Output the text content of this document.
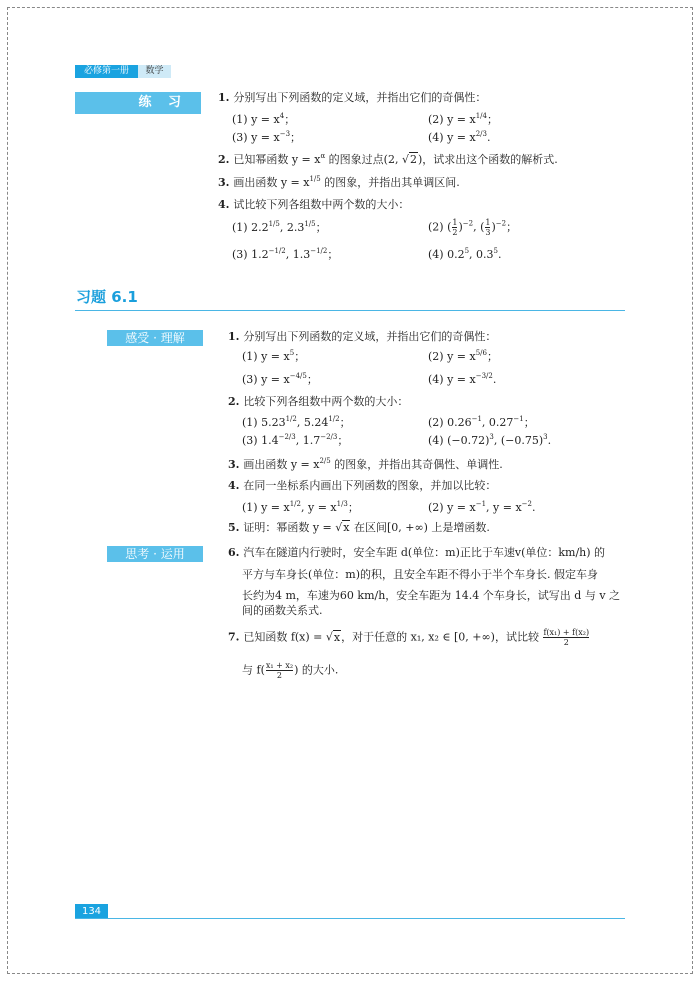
必修第一册	数学
练 习
习题 6.1
感受 · 理解
思考 · 运用
134
1. 分别写出下列函数的定义域，并指出它们的奇偶性：
(1) $y = x^4$；	(2) $y = x^{1/4}$；
(3) $y = x^{-3}$；	(4) $y = x^{2/3}$.
2. 已知幂函数 $y = x^\alpha$ 的图象过点(2, √2)，试求出这个函数的解析式.
3. 画出函数 $y = x^{1/5}$ 的图象，并指出其单调区间.
4. 试比较下列各组数中两个数的大小：
(1) $2.2^{1/5}$, $2.3^{1/5}$；	(2) ( $\frac{1}{2} )^{-2}$, ( $\frac{1}{3} )^{-2}$；
(3) $1.2^{-1/2}$, $1.3^{-1/2}$；	(4) $0.2^5$, $0.3^5$.
1. 分别写出下列函数的定义域，并指出它们的奇偶性：
(1) $y = x^5$；	(2) $y = x^{5/6}$；
(3) $y = x^{-4/5}$；	(4) $y = x^{-3/2}$.
2. 比较下列各组数中两个数的大小：
(1) $5.23^{1/2}$, $5.24^{1/2}$；	(2) $0.26^{-1}$, $0.27^{-1}$；
(3) $1.4^{-2/3}$, $1.7^{-2/3}$；	(4) $(-0.72)^3$, $(-0.75)^3$.
3. 画出函数 $y = x^{2/5}$ 的图象，并指出其奇偶性、单调性.
4. 在同一坐标系内画出下列函数的图象，并加以比较：
(1) $y = x^{1/2}$, $y = x^{1/3}$；	(2) $y = x^{-1}$, $y = x^{-2}$.
5. 证明：幂函数 y = √x 在区间[0, +∞) 上是增函数.
6. 汽车在隧道内行驶时，安全车距 d(单位：m)正比于车速v(单位：km/h) 的
平方与车身长(单位：m)的积，且安全车距不得小于半个车身长. 假定车身
长约为4 m，车速为60 km/h，安全车距为 14.4 个车身长，试写出 d 与 v 之
间的函数关系式.
7. 已知函数 f(x) = √x，对于任意的 x₁, x₂ ∈ [0, +∞)，试比较 $\frac{\text{f(x₁) + f(x₂)}}{2}$
与 $f( \frac{\text{x₁ + x₂}}{2}$ ) 的大小.
